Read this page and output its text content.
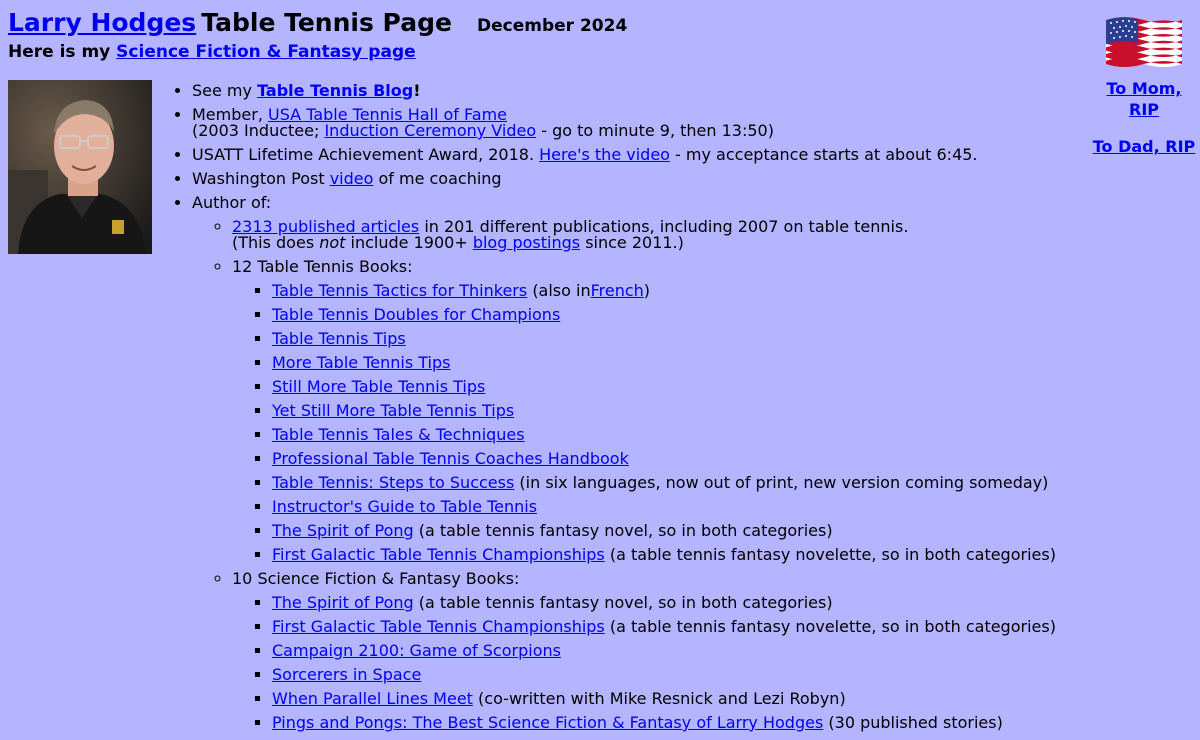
Larry Hodges Table Tennis Page December 2024
Here is my Science Fiction & Fantasy page
• See my Table Tennis Blog!
• Member, USA Table Tennis Hall of Fame
(2003 Inductee; Induction Ceremony Video - go to minute 9, then 13:50)
• USATT Lifetime Achievement Award, 2018. Here's the video - my acceptance starts at about 6:45.
• Washington Post video of me coaching
• Author of:
◦ 2313 published articles in 201 different publications, including 2007 on table tennis.
(This does not include 1900+ blog postings since 2011.)
◦ 12 Table Tennis Books:
▪ Table Tennis Tactics for Thinkers (also inFrench)
▪ Table Tennis Doubles for Champions
▪ Table Tennis Tips
▪ More Table Tennis Tips
▪ Still More Table Tennis Tips
▪ Yet Still More Table Tennis Tips
▪ Table Tennis Tales & Techniques
▪ Professional Table Tennis Coaches Handbook
▪ Table Tennis: Steps to Success (in six languages, now out of print, new version coming someday)
▪ Instructor's Guide to Table Tennis
▪ The Spirit of Pong (a table tennis fantasy novel, so in both categories)
▪ First Galactic Table Tennis Championships (a table tennis fantasy novelette, so in both categories)
◦ 10 Science Fiction & Fantasy Books:
▪ The Spirit of Pong (a table tennis fantasy novel, so in both categories)
▪ First Galactic Table Tennis Championships (a table tennis fantasy novelette, so in both categories)
▪ Campaign 2100: Game of Scorpions
▪ Sorcerers in Space
▪ When Parallel Lines Meet (co-written with Mike Resnick and Lezi Robyn)
▪ Pings and Pongs: The Best Science Fiction & Fantasy of Larry Hodges (30 published stories)
To Mom, RIP
To Dad, RIP
